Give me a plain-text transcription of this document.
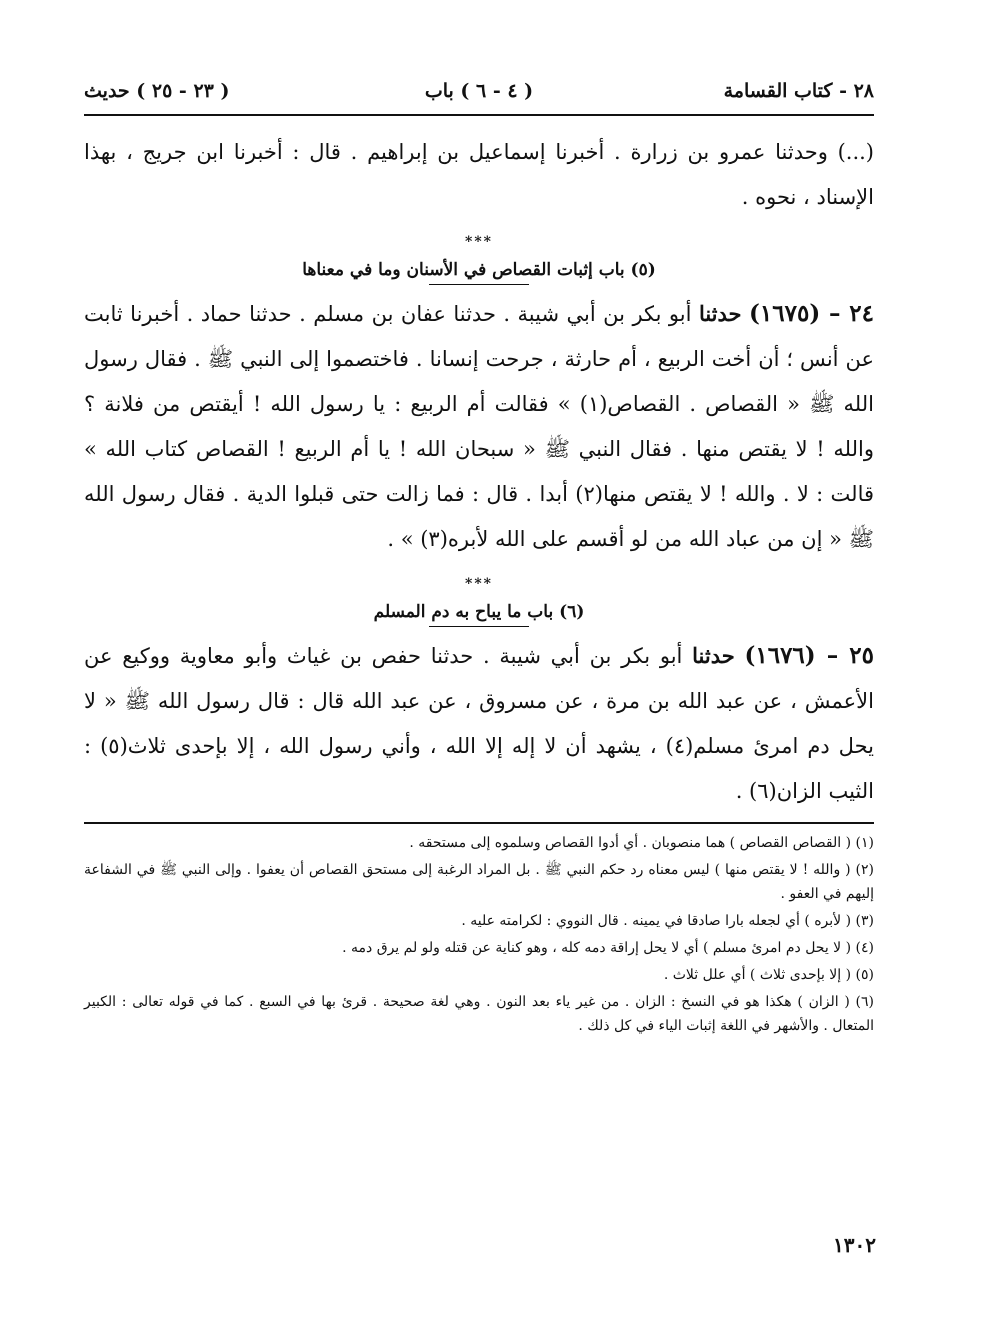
٢٨ - كتاب القسامة
( ٤ - ٦ ) باب
( ٢٣ - ٢٥ ) حديث

(...) وحدثنا عمرو بن زرارة . أخبرنا إسماعيل بن إبراهيم . قال : أخبرنا ابن جريج ، بهذا الإسناد ، نحوه .

***
(٥) باب إثبات القصاص في الأسنان وما في معناها

٢٤ – (١٦٧٥) حدثنا أبو بكر بن أبي شيبة . حدثنا عفان بن مسلم . حدثنا حماد . أخبرنا ثابت عن أنس ؛ أن أخت الربيع ، أم حارثة ، جرحت إنسانا . فاختصموا إلى النبي ﷺ . فقال رسول الله ﷺ « القصاص . القصاص(١) » فقالت أم الربيع : يا رسول الله ! أيقتص من فلانة ؟ والله ! لا يقتص منها . فقال النبي ﷺ « سبحان الله ! يا أم الربيع ! القصاص كتاب الله » قالت : لا . والله ! لا يقتص منها(٢) أبدا . قال : فما زالت حتى قبلوا الدية . فقال رسول الله ﷺ « إن من عباد الله من لو أقسم على الله لأبره(٣) » .

***
(٦) باب ما يباح به دم المسلم

٢٥ – (١٦٧٦) حدثنا أبو بكر بن أبي شيبة . حدثنا حفص بن غياث وأبو معاوية ووكيع عن الأعمش ، عن عبد الله بن مرة ، عن مسروق ، عن عبد الله قال : قال رسول الله ﷺ « لا يحل دم امرئ مسلم(٤) ، يشهد أن لا إله إلا الله ، وأني رسول الله ، إلا بإحدى ثلاث(٥) : الثيب الزان(٦) .

(١) ( القصاص القصاص ) هما منصوبان . أي أدوا القصاص وسلموه إلى مستحقه .

(٢) ( والله ! لا يقتص منها ) ليس معناه رد حكم النبي ﷺ . بل المراد الرغبة إلى مستحق القصاص أن يعفوا . وإلى النبي ﷺ في الشفاعة إليهم في العفو .

(٣) ( لأبره ) أي لجعله بارا صادقا في يمينه . قال النووي : لكرامته عليه .

(٤) ( لا يحل دم امرئ مسلم ) أي لا يحل إراقة دمه كله ، وهو كناية عن قتله ولو لم يرق دمه .

(٥) ( إلا بإحدى ثلاث ) أي علل ثلاث .

(٦) ( الزان ) هكذا هو في النسخ : الزان . من غير ياء بعد النون . وهي لغة صحيحة . قرئ بها في السبع . كما في قوله تعالى : الكبير المتعال . والأشهر في اللغة إثبات الياء في كل ذلك .

١٣٠٢
